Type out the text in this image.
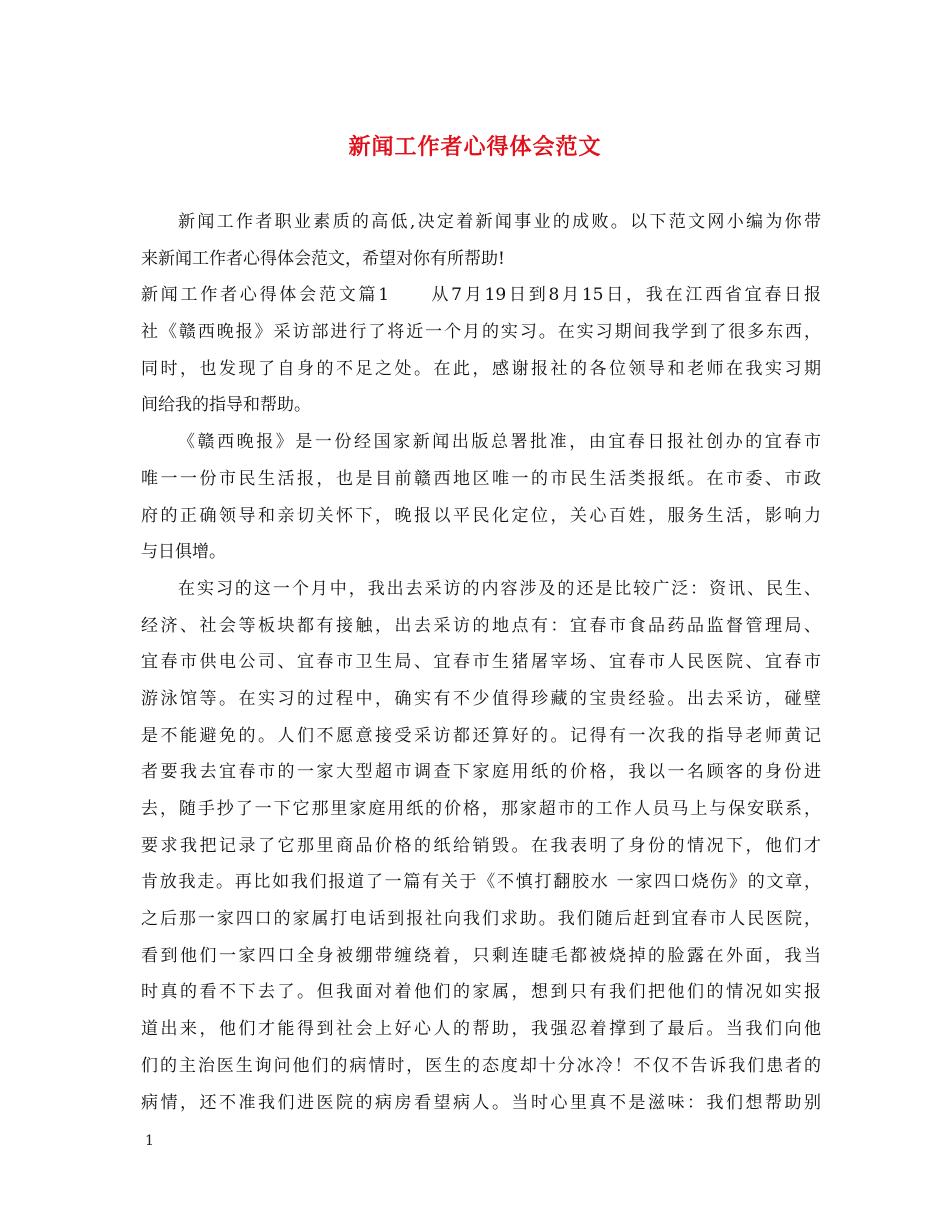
新闻工作者心得体会范文
新闻工作者职业素质的高低,决定着新闻事业的成败。以下范文网小编为你带
来新闻工作者心得体会范文，希望对你有所帮助!
新闻工作者心得体会范文篇1　　从7月19日到8月15日，我在江西省宜春日报
社《赣西晚报》采访部进行了将近一个月的实习。在实习期间我学到了很多东西，
同时，也发现了自身的不足之处。在此，感谢报社的各位领导和老师在我实习期
间给我的指导和帮助。
《赣西晚报》是一份经国家新闻出版总署批准，由宜春日报社创办的宜春市
唯一一份市民生活报，也是目前赣西地区唯一的市民生活类报纸。在市委、市政
府的正确领导和亲切关怀下，晚报以平民化定位，关心百姓，服务生活，影响力
与日俱增。
在实习的这一个月中，我出去采访的内容涉及的还是比较广泛：资讯、民生、
经济、社会等板块都有接触，出去采访的地点有：宜春市食品药品监督管理局、
宜春市供电公司、宜春市卫生局、宜春市生猪屠宰场、宜春市人民医院、宜春市
游泳馆等。在实习的过程中，确实有不少值得珍藏的宝贵经验。出去采访，碰壁
是不能避免的。人们不愿意接受采访都还算好的。记得有一次我的指导老师黄记
者要我去宜春市的一家大型超市调查下家庭用纸的价格，我以一名顾客的身份进
去，随手抄了一下它那里家庭用纸的价格，那家超市的工作人员马上与保安联系，
要求我把记录了它那里商品价格的纸给销毁。在我表明了身份的情况下，他们才
肯放我走。再比如我们报道了一篇有关于《不慎打翻胶水 一家四口烧伤》的文章，
之后那一家四口的家属打电话到报社向我们求助。我们随后赶到宜春市人民医院，
看到他们一家四口全身被绷带缠绕着，只剩连睫毛都被烧掉的脸露在外面，我当
时真的看不下去了。但我面对着他们的家属，想到只有我们把他们的情况如实报
道出来，他们才能得到社会上好心人的帮助，我强忍着撑到了最后。当我们向他
们的主治医生询问他们的病情时，医生的态度却十分冰冷！不仅不告诉我们患者的
病情，还不准我们进医院的病房看望病人。当时心里真不是滋味：我们想帮助别
1
